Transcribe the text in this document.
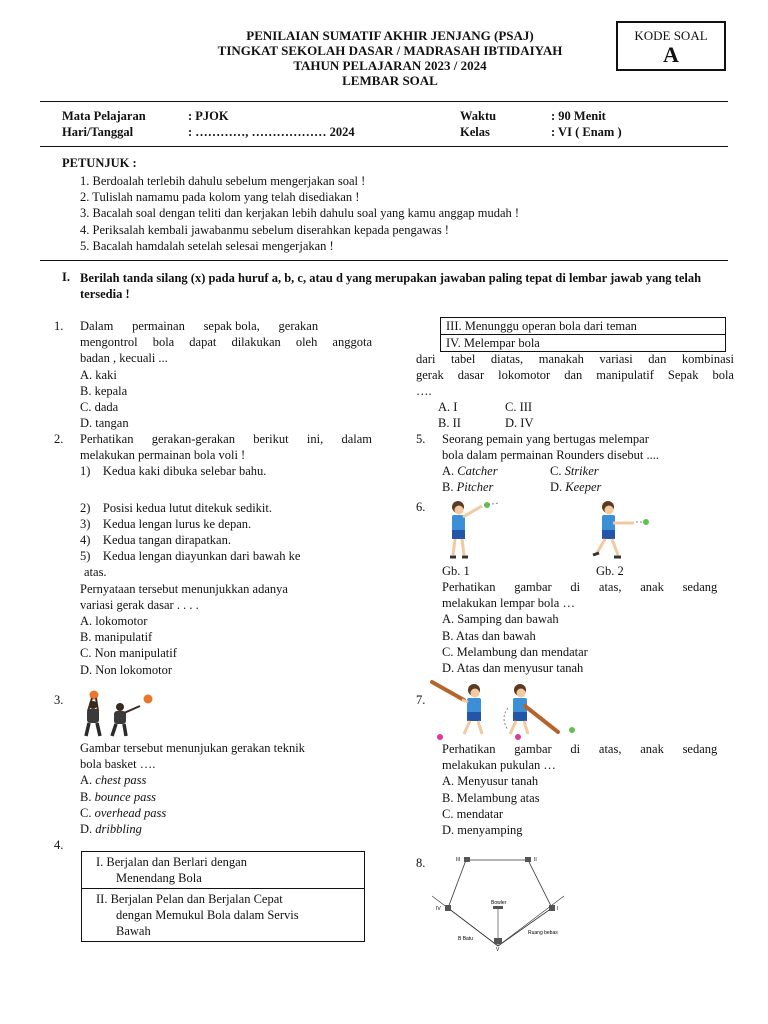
PENILAIAN SUMATIF AKHIR JENJANG (PSAJ)
TINGKAT SEKOLAH DASAR / MADRASAH IBTIDAIYAH
TAHUN PELAJARAN 2023 / 2024
LEMBAR SOAL
KODE SOAL
A
Mata Pelajaran	: PJOK
Hari/Tanggal	: …………, ……………… 2024
Waktu	: 90 Menit
Kelas	: VI ( Enam )
PETUNJUK :
1. Berdoalah terlebih dahulu sebelum mengerjakan soal !
2. Tulislah namamu pada kolom yang telah disediakan !
3. Bacalah soal dengan teliti dan kerjakan lebih dahulu soal yang kamu anggap mudah !
4. Periksalah kembali jawabanmu sebelum diserahkan kepada pengawas !
5. Bacalah hamdalah setelah selesai mengerjakan !
I. Berilah tanda silang (x) pada huruf a, b, c, atau d yang merupakan jawaban paling tepat di lembar jawab yang telah tersedia !
1. Dalam      permainan      sepak bola,      gerakan
mengontrol bola dapat dilakukan oleh anggota
badan , kecuali ...
A. kaki
B. kepala
C. dada
D. tangan
2. Perhatikan gerakan-gerakan berikut ini, dalam
melakukan permainan bola voli !
1)    Kedua kaki dibuka selebar bahu.
2)    Posisi kedua lutut ditekuk sedikit.
3)    Kedua lengan lurus ke depan.
4)    Kedua tangan dirapatkan.
5)    Kedua lengan diayunkan dari bawah ke
atas.
Pernyataan tersebut menunjukkan adanya
variasi gerak dasar . . . .
A. lokomotor
B. manipulatif
C. Non manipulatif
D. Non lokomotor
3.
Gambar tersebut menunjukan gerakan teknik
bola basket ….
A. chest pass
B. bounce pass
C. overhead pass
D. dribbling
4.
I. Berjalan dan Berlari dengan
Menendang Bola

II. Berjalan Pelan dan Berjalan Cepat
dengan Memukul Bola dalam Servis
Bawah
III. Menunggu operan bola dari teman
IV. Melempar bola
dari tabel diatas, manakah variasi dan kombinasi
gerak dasar lokomotor dan manipulatif Sepak bola
….
A. I	C. III
B. II	D. IV
5. Seorang pemain yang bertugas melempar
bola dalam permainan Rounders disebut ....
A. Catcher	C. Striker
B. Pitcher	D. Keeper
6.
Gb. 1	Gb. 2
Perhatikan      gambar      di      atas,      anak      sedang
melakukan lempar bola …
A. Samping dan bawah
B. Atas dan bawah
C. Melambung dan mendatar
D. Atas dan menyusur tanah
7.
Perhatikan      gambar      di      atas,      anak      sedang
melakukan pukulan …
A. Menyusur tanah
B. Melambung atas
C. mendatar
D. menyamping
8.	III	II
IV	I
V
Bowler
Ruang bebas
B Batu
